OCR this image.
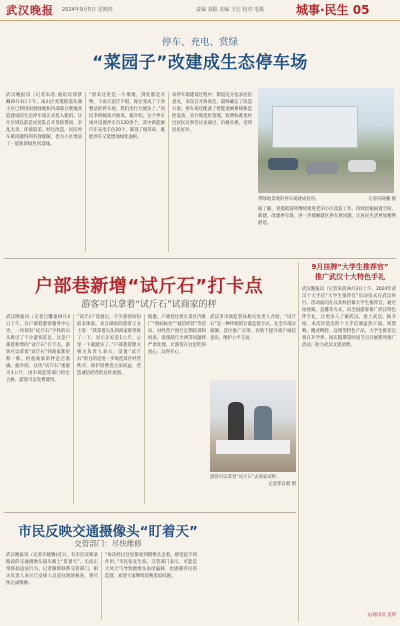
武汉晚报 2024年9月5日 星期四	责编 刘振 美编 王达 校对 毛敬	城事·民生 05
停车、充电、赏绿
“菜园子”改建成生态停车场
武汉晚报讯（记者朱蓓 通讯员徐梦卿)9月3日下午，南山区青菱街道东湖小区已利用闲置绿地和内部部分菜地改造建成的生态停车场正式投入使用。这片区域以前是居民私自开垦的菜园，杂乱无章，环境较差。经过改造，居民停车难问题得到有效缓解，也为小区增添了一道新的绿色风景线。
“原来这里是一片菜地，到处都是杂物，下雨天泥泞不堪，现在变成了干净整洁的停车场，我们出行方便多了。”居民李阿姨高兴地说。据介绍，这个停车场共设置停车位120余个，其中新能源汽车充电车位20个，铺设了植草砖，既能停车又能增加绿化面积。
该停车场建设过程中，街道充分征求居民意见，多次召开协商会，最终确定了改造方案。停车场还配备了智能道闸系统和监控设备，实行规范化管理，收费标准也经过居民议事会讨论通过，价格实惠，受到居民好评。
带绿地景观的停车场建成投用。	记者何晓鹏 摄
据了解，青菱街道将继续推进老旧小区改造工作，持续挖掘闲置空间，新建、改建停车场，进一步缓解辖区停车难问题，让居民生活更加便利舒适。
户部巷新增“试斤石”打卡点
游客可以拿着“试斤石”试商家的秤
武汉晚报讯（记者吕馨童)9月4日上午，在户部巷游客服务中心旁，一块刻有“试斤石”字样的石头吸引了不少游客驻足。这是户部巷新增的“试斤石”打卡点，游客可以拿着“试斤石”到商家那里称一称，检验商家的秤是否准确。据介绍，这块“试斤石”重量为1公斤，由市场监管部门检定合格，游客可以免费使用。
“试斤石”设置后，不少游客纷纷前来体验。来自湖南的游客王女士说：“我拿着石头到商家那里称了一下，显示正好是1公斤，心里一下就踏实了。”户部巷管理方相关负责人表示，设置“试斤石”的目的是进一步规范景区经营秩序，保护消费者合法权益，营造诚信经营的良好氛围。
据悉，户部巷还将在景区内推广“明码标价”“诚信经营”等活动，对经营户进行定期培训和检查，发现缺斤少两等问题将严肃处理，让游客在这里吃得放心、玩得开心。
武汉市市场监管局相关负责人介绍，“试斤石”是一种传统的计量监督方式，在全市部分商圈、景区推广应用，有助于提升商户诚信意识，维护公平交易。
游客可以拿着“试斤石”去商家试秤。
记者郭良朝 摄
9月挂牌“大学生推荐官”
推广武汉十大特色手礼
武汉晚报讯（记者朱蓓)9月3日上午，2024年武汉十大手信“大学生推荐官”启动仪式在武汉举行。活动面向在汉高校招募大学生推荐官，通过短视频、直播等方式，向全国游客推广武汉特色伴手礼，让更多人了解武汉、爱上武汉。据介绍，本次评选出的十大手信涵盖热干面、周黑鸭、精武鸭脖、汉绣等特色产品，大学生推荐官将在开学季、国庆假期等时间节点开展系列推广活动，助力武汉文旅消费。
文/通讯员 袁明
市民反映交通摄像头“盯着天”
交管部门：尽快维修
武汉晚报讯（记者许晓腾)近日，有市民反映某路段的交通摄像头镜头朝上“盯着天”，无法正常抓拍违法行为。记者随即联系交管部门，相关负责人表示已安排人员前往现场核查，将尽快完成维修。
“每次经过这里都看到摄像头歪着，感觉起不到作用。”市民张先生说。交管部门表示，可能是大风天气导致摄像头角度偏移，也感谢市民的监督，欢迎大家继续反映类似问题。
